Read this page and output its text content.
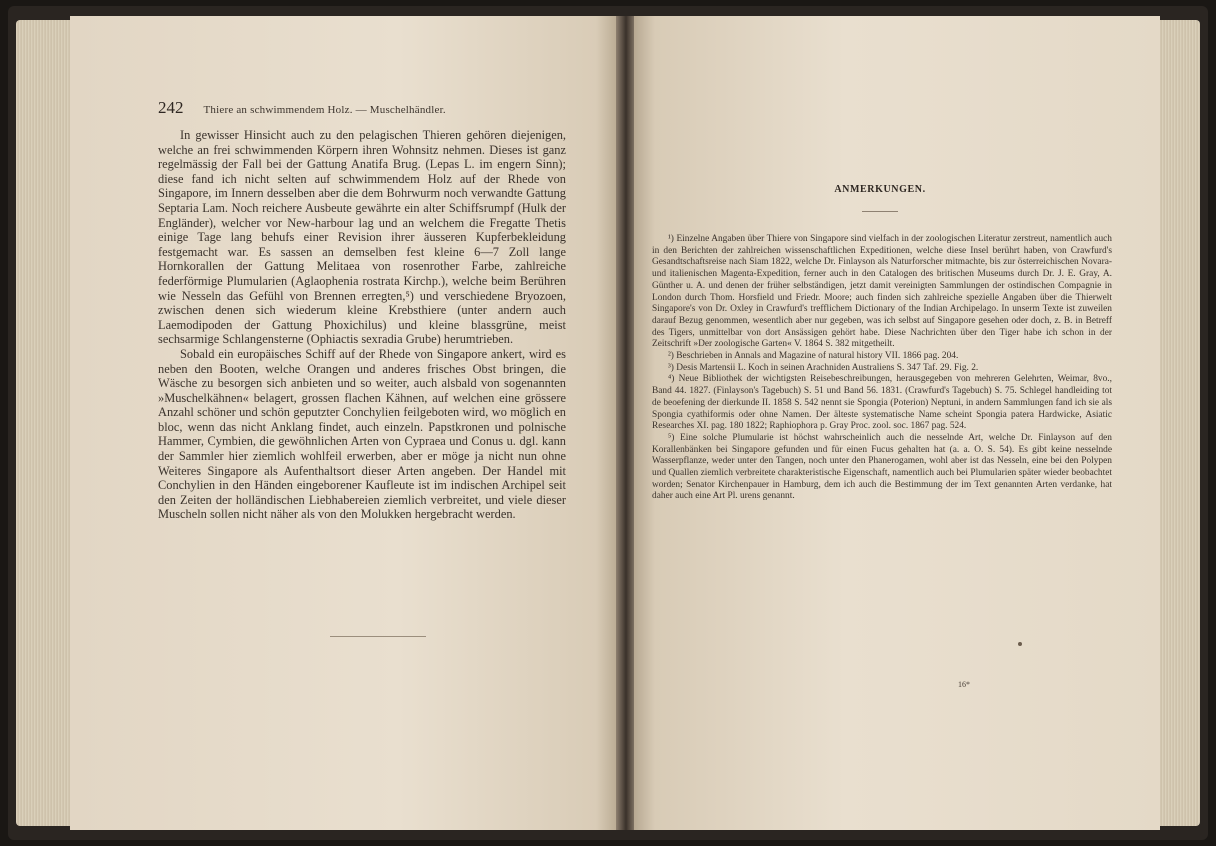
242 Thiere an schwimmendem Holz. — Muschelhändler.

In gewisser Hinsicht auch zu den pelagischen Thieren gehören diejenigen, welche an frei schwimmenden Körpern ihren Wohnsitz nehmen. Dieses ist ganz regelmässig der Fall bei der Gattung Anatifa Brug. (Lepas L. im engern Sinn); diese fand ich nicht selten auf schwimmendem Holz auf der Rhede von Singapore, im Innern desselben aber die dem Bohrwurm noch verwandte Gattung Septaria Lam. Noch reichere Ausbeute gewährte ein alter Schiffsrumpf (Hulk der Engländer), welcher vor New-harbour lag und an welchem die Fregatte Thetis einige Tage lang behufs einer Revision ihrer äusseren Kupferbekleidung festgemacht war. Es sassen an demselben fest kleine 6—7 Zoll lange Hornkorallen der Gattung Melitaea von rosenrother Farbe, zahlreiche federförmige Plumularien (Aglaophenia rostrata Kirchp.), welche beim Berühren wie Nesseln das Gefühl von Brennen erregten,⁵) und verschiedene Bryozoen, zwischen denen sich wiederum kleine Krebsthiere (unter andern auch Laemodipoden der Gattung Phoxichilus) und kleine blassgrüne, meist sechsarmige Schlangensterne (Ophiactis sexradia Grube) herumtrieben.

Sobald ein europäisches Schiff auf der Rhede von Singapore ankert, wird es neben den Booten, welche Orangen und anderes frisches Obst bringen, die Wäsche zu besorgen sich anbieten und so weiter, auch alsbald von sogenannten »Muschelkähnen« belagert, grossen flachen Kähnen, auf welchen eine grössere Anzahl schöner und schön geputzter Conchylien feilgeboten wird, wo möglich en bloc, wenn das nicht Anklang findet, auch einzeln. Papstkronen und polnische Hammer, Cymbien, die gewöhnlichen Arten von Cypraea und Conus u. dgl. kann der Sammler hier ziemlich wohlfeil erwerben, aber er möge ja nicht nun ohne Weiteres Singapore als Aufenthaltsort dieser Arten angeben. Der Handel mit Conchylien in den Händen eingeborener Kaufleute ist im indischen Archipel seit den Zeiten der holländischen Liebhabereien ziemlich verbreitet, und viele dieser Muscheln sollen nicht näher als von den Molukken hergebracht werden.

ANMERKUNGEN.

¹) Einzelne Angaben über Thiere von Singapore sind vielfach in der zoologischen Literatur zerstreut, namentlich auch in den Berichten der zahlreichen wissenschaftlichen Expeditionen, welche diese Insel berührt haben, von Crawfurd's Gesandtschaftsreise nach Siam 1822, welche Dr. Finlayson als Naturforscher mitmachte, bis zur österreichischen Novara- und italienischen Magenta-Expedition, ferner auch in den Catalogen des britischen Museums durch Dr. J. E. Gray, A. Günther u. A. und denen der früher selbständigen, jetzt damit vereinigten Sammlungen der ostindischen Compagnie in London durch Thom. Horsfield und Friedr. Moore; auch finden sich zahlreiche spezielle Angaben über die Thierwelt Singapore's von Dr. Oxley in Crawfurd's trefflichem Dictionary of the Indian Archipelago. In unserm Texte ist zuweilen darauf Bezug genommen, wesentlich aber nur gegeben, was ich selbst auf Singapore gesehen oder doch, z. B. in Betreff des Tigers, unmittelbar von dort Ansässigen gehört habe. Diese Nachrichten über den Tiger habe ich schon in der Zeitschrift »Der zoologische Garten« V. 1864 S. 382 mitgetheilt.

²) Beschrieben in Annals and Magazine of natural history VII. 1866 pag. 204.

³) Desis Martensii L. Koch in seinen Arachniden Australiens S. 347 Taf. 29. Fig. 2.

⁴) Neue Bibliothek der wichtigsten Reisebeschreibungen, herausgegeben von mehreren Gelehrten, Weimar, 8vo., Band 44. 1827. (Finlayson's Tagebuch) S. 51 und Band 56. 1831. (Crawfurd's Tagebuch) S. 75. Schlegel handleiding tot de beoefening der dierkunde II. 1858 S. 542 nennt sie Spongia (Poterion) Neptuni, in andern Sammlungen fand ich sie als Spongia cyathiformis oder ohne Namen. Der älteste systematische Name scheint Spongia patera Hardwicke, Asiatic Researches XI. pag. 180 1822; Raphiophora p. Gray Proc. zool. soc. 1867 pag. 524.

⁵) Eine solche Plumularie ist höchst wahrscheinlich auch die nesselnde Art, welche Dr. Finlayson auf den Korallenbänken bei Singapore gefunden und für einen Fucus gehalten hat (a. a. O. S. 54). Es gibt keine nesselnde Wasserpflanze, weder unter den Tangen, noch unter den Phanerogamen, wohl aber ist das Nesseln, eine bei den Polypen und Quallen ziemlich verbreitete charakteristische Eigenschaft, namentlich auch bei Plumularien später wieder beobachtet worden; Senator Kirchenpauer in Hamburg, dem ich auch die Bestimmung der im Text genannten Arten verdanke, hat daher auch eine Art Pl. urens genannt.

16*
